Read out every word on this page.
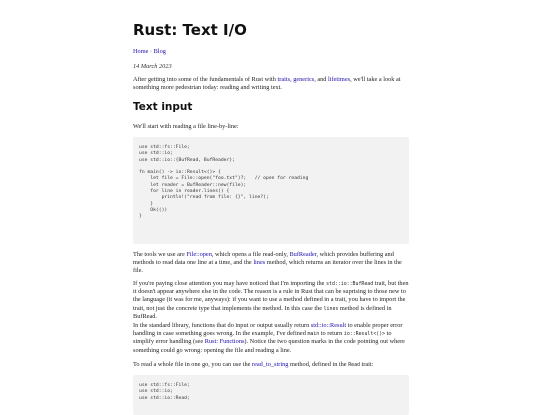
Rust: Text I/O
Home · Blog
14 March 2023

After getting into some of the fundamentals of Rust with traits, generics, and lifetimes, we'll take a look at something more pedestrian today: reading and writing text.

Text input

We'll start with reading a file line-by-line:

use std::fs::File;
use std::io;
use std::io::{BufRead, BufReader};

fn main() -> io::Result<()> {
let file = File::open("foo.txt")?;   // open for reading
let reader = BufReader::new(file);
for line in reader.lines() {
println!("read from file: {}", line?);
}
Ok(())
}

The tools we use are File::open, which opens a file read-only, BufReader, which provides buffering and methods to read data one line at a time, and the lines method, which returns an iterator over the lines in the file.

If you're paying close attention you may have noticed that I'm importing the std::io::BufRead trait, but then it doesn't appear anywhere else in the code. The reason is a rule in Rust that can be suprising to those new to the language (it was for me, anyways): if you want to use a method defined in a trait, you have to import the trait, not just the concrete type that implements the method. In this case the lines method is defined in BufRead.

In the standard library, functions that do input or output usually return std::io::Result to enable proper error handling in case something goes wrong. In the example, I've defined main to return io::Result<()> to simplify error handling (see Rust: Functions). Notice the two question marks in the code pointing out where something could go wrong: opening the file and reading a line.

To read a whole file in one go, you can use the read_to_string method, defined in the Read trait:

use std::fs::File;
use std::io;
use std::io::Read;
